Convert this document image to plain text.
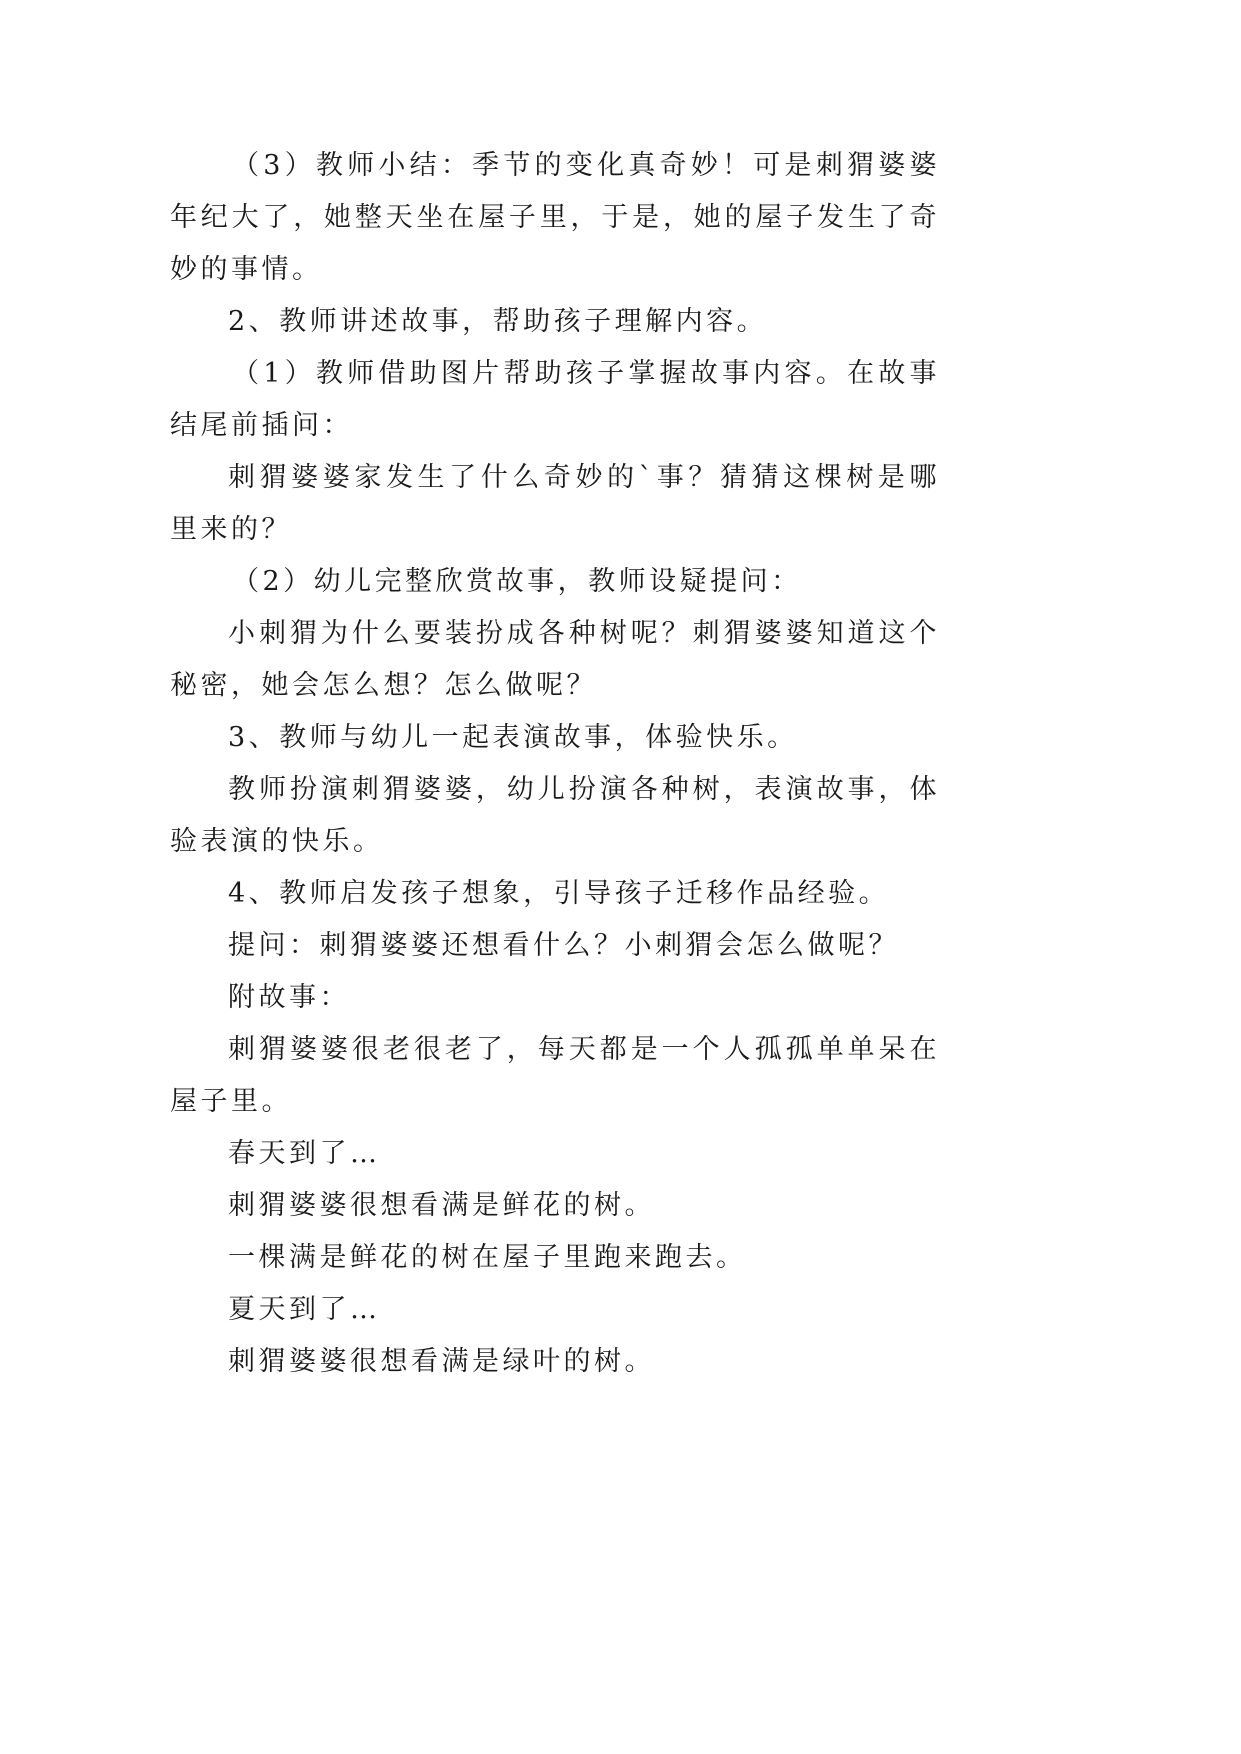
（3）教师小结：季节的变化真奇妙！可是刺猬婆婆年纪大了，她整天坐在屋子里，于是，她的屋子发生了奇妙的事情。

2、教师讲述故事，帮助孩子理解内容。

（1）教师借助图片帮助孩子掌握故事内容。在故事结尾前插问：

刺猬婆婆家发生了什么奇妙的`事？猜猜这棵树是哪里来的？

（2）幼儿完整欣赏故事，教师设疑提问：

小刺猬为什么要装扮成各种树呢？刺猬婆婆知道这个秘密，她会怎么想？怎么做呢？

3、教师与幼儿一起表演故事，体验快乐。

教师扮演刺猬婆婆，幼儿扮演各种树，表演故事，体验表演的快乐。

4、教师启发孩子想象，引导孩子迁移作品经验。

提问：刺猬婆婆还想看什么？小刺猬会怎么做呢？

附故事：

刺猬婆婆很老很老了，每天都是一个人孤孤单单呆在屋子里。

春天到了…

刺猬婆婆很想看满是鲜花的树。

一棵满是鲜花的树在屋子里跑来跑去。

夏天到了…

刺猬婆婆很想看满是绿叶的树。
